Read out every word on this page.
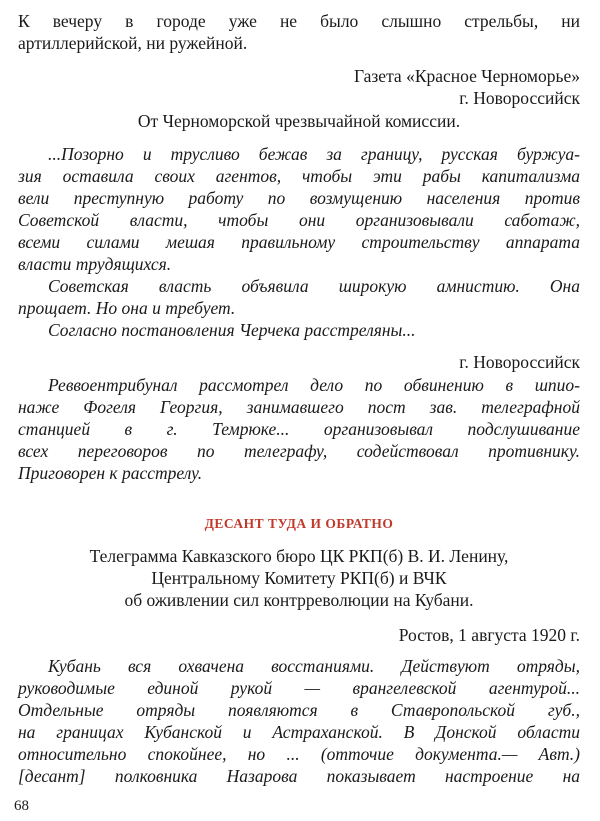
К вечеру в городе уже не было слышно стрельбы, ни
артиллерийской, ни ружейной.
Газета «Красное Черноморье»
г. Новороссийск
От Черноморской чрезвычайной комиссии.
...Позорно и трусливо бежав за границу, русская буржуа-
зия оставила своих агентов, чтобы эти рабы капитализма
вели преступную работу по возмущению населения против
Советской власти, чтобы они организовывали саботаж,
всеми силами мешая правильному строительству аппарата
власти трудящихся.
Советская власть объявила широкую амнистию. Она
прощает. Но она и требует.
Согласно постановления Черчека расстреляны...
г. Новороссийск
Реввоентрибунал рассмотрел дело по обвинению в шпио-
наже Фогеля Георгия, занимавшего пост зав. телеграфной
станцией в г. Темрюке... организовывал подслушивание
всех переговоров по телеграфу, содействовал противнику.
Приговорен к расстрелу.
ДЕСАНТ ТУДА И ОБРАТНО
Телеграмма Кавказского бюро ЦК РКП(б) В. И. Ленину,
Центральному Комитету РКП(б) и ВЧК
об оживлении сил контрреволюции на Кубани.
Ростов, 1 августа 1920 г.
Кубань вся охвачена восстаниями. Действуют отряды,
руководимые единой рукой — врангелевской агентурой...
Отдельные отряды появляются в Ставропольской губ.,
на границах Кубанской и Астраханской. В Донской области
относительно спокойнее, но ... (отточие документа.— Авт.)
[десант] полковника Назарова показывает настроение на
68
